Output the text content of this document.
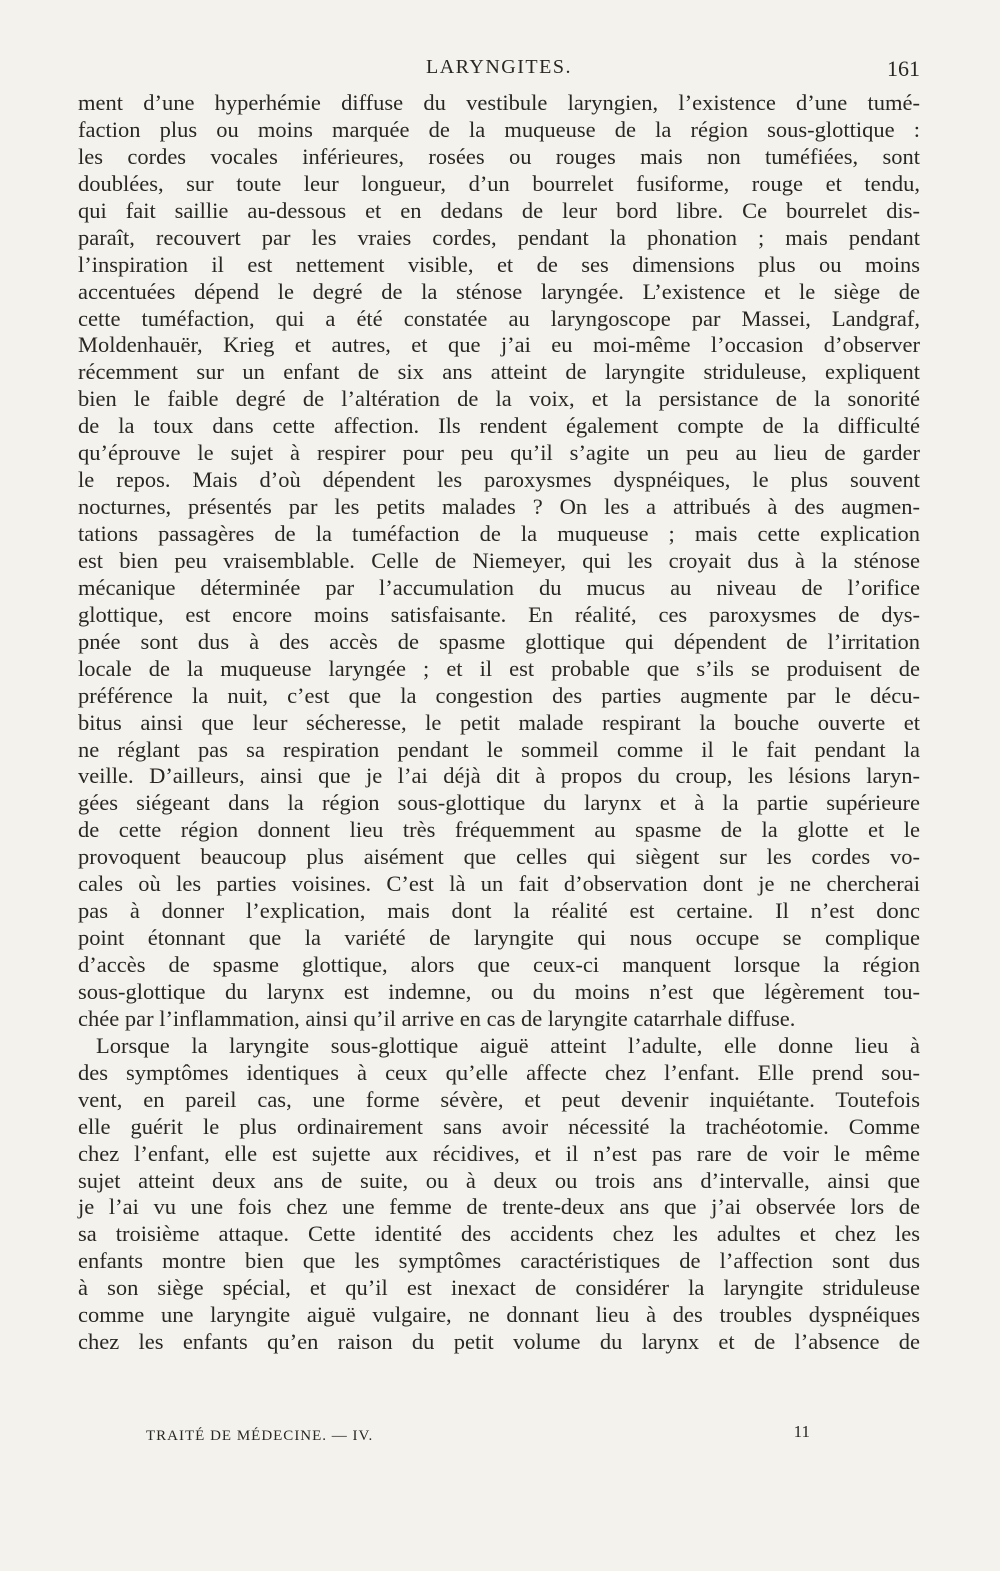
LARYNGITES.	161
ment d’une hyperhémie diffuse du vestibule laryngien, l’existence d’une tumé-
faction plus ou moins marquée de la muqueuse de la région sous-glottique :
les cordes vocales inférieures, rosées ou rouges mais non tuméfiées, sont
doublées, sur toute leur longueur, d’un bourrelet fusiforme, rouge et tendu,
qui fait saillie au-dessous et en dedans de leur bord libre. Ce bourrelet dis-
paraît, recouvert par les vraies cordes, pendant la phonation ; mais pendant
l’inspiration il est nettement visible, et de ses dimensions plus ou moins
accentuées dépend le degré de la sténose laryngée. L’existence et le siège de
cette tuméfaction, qui a été constatée au laryngoscope par Massei, Landgraf,
Moldenhauër, Krieg et autres, et que j’ai eu moi-même l’occasion d’observer
récemment sur un enfant de six ans atteint de laryngite striduleuse, expliquent
bien le faible degré de l’altération de la voix, et la persistance de la sonorité
de la toux dans cette affection. Ils rendent également compte de la difficulté
qu’éprouve le sujet à respirer pour peu qu’il s’agite un peu au lieu de garder
le repos. Mais d’où dépendent les paroxysmes dyspnéiques, le plus souvent
nocturnes, présentés par les petits malades ? On les a attribués à des augmen-
tations passagères de la tuméfaction de la muqueuse ; mais cette explication
est bien peu vraisemblable. Celle de Niemeyer, qui les croyait dus à la sténose
mécanique déterminée par l’accumulation du mucus au niveau de l’orifice
glottique, est encore moins satisfaisante. En réalité, ces paroxysmes de dys-
pnée sont dus à des accès de spasme glottique qui dépendent de l’irritation
locale de la muqueuse laryngée ; et il est probable que s’ils se produisent de
préférence la nuit, c’est que la congestion des parties augmente par le décu-
bitus ainsi que leur sécheresse, le petit malade respirant la bouche ouverte et
ne réglant pas sa respiration pendant le sommeil comme il le fait pendant la
veille. D’ailleurs, ainsi que je l’ai déjà dit à propos du croup, les lésions laryn-
gées siégeant dans la région sous-glottique du larynx et à la partie supérieure
de cette région donnent lieu très fréquemment au spasme de la glotte et le
provoquent beaucoup plus aisément que celles qui siègent sur les cordes vo-
cales où les parties voisines. C’est là un fait d’observation dont je ne chercherai
pas à donner l’explication, mais dont la réalité est certaine. Il n’est donc
point étonnant que la variété de laryngite qui nous occupe se complique
d’accès de spasme glottique, alors que ceux-ci manquent lorsque la région
sous-glottique du larynx est indemne, ou du moins n’est que légèrement tou-
chée par l’inflammation, ainsi qu’il arrive en cas de laryngite catarrhale diffuse.
Lorsque la laryngite sous-glottique aiguë atteint l’adulte, elle donne lieu à
des symptômes identiques à ceux qu’elle affecte chez l’enfant. Elle prend sou-
vent, en pareil cas, une forme sévère, et peut devenir inquiétante. Toutefois
elle guérit le plus ordinairement sans avoir nécessité la trachéotomie. Comme
chez l’enfant, elle est sujette aux récidives, et il n’est pas rare de voir le même
sujet atteint deux ans de suite, ou à deux ou trois ans d’intervalle, ainsi que
je l’ai vu une fois chez une femme de trente-deux ans que j’ai observée lors de
sa troisième attaque. Cette identité des accidents chez les adultes et chez les
enfants montre bien que les symptômes caractéristiques de l’affection sont dus
à son siège spécial, et qu’il est inexact de considérer la laryngite striduleuse
comme une laryngite aiguë vulgaire, ne donnant lieu à des troubles dyspnéiques
chez les enfants qu’en raison du petit volume du larynx et de l’absence de
TRAITÉ DE MÉDECINE. — IV.	11
